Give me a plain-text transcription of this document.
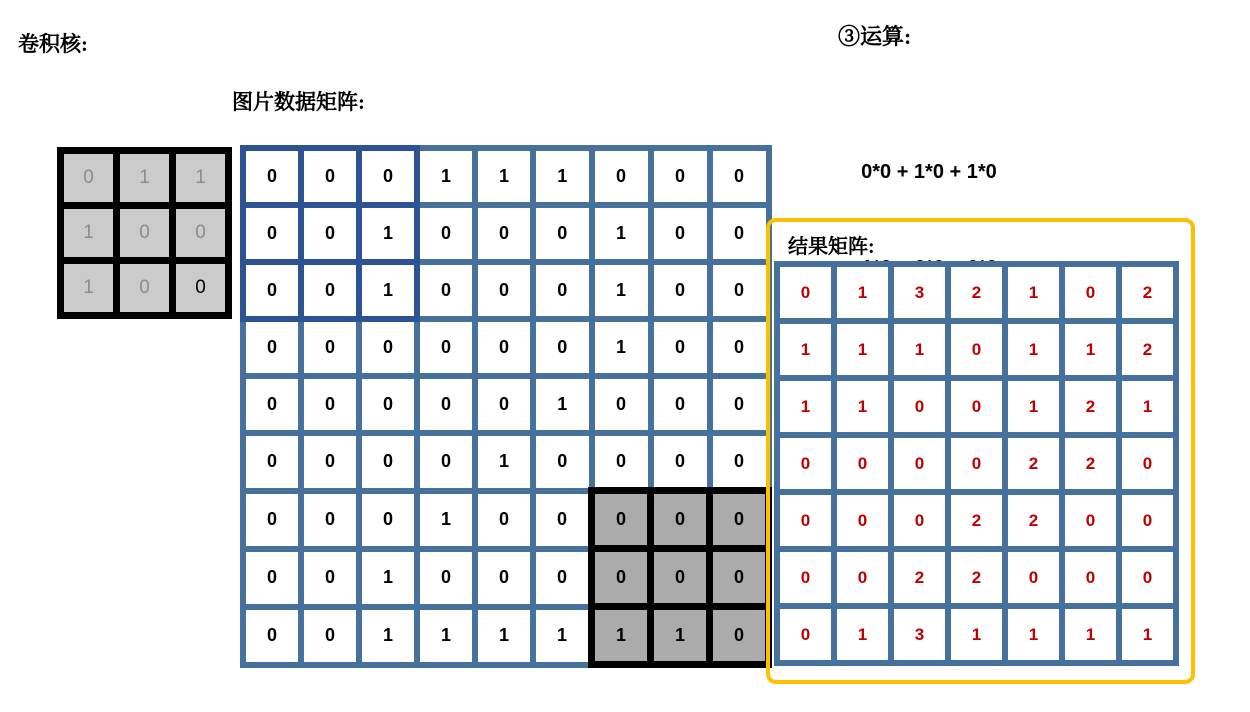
卷积核:
图片数据矩阵:
③运算:

0*0 + 1*0 + 1*0

0	1	1
1	0	0
1	0	0
0	0	0	1	1	1	0	0	0
0	0	1	0	0	0	1	0	0
0	0	1	0	0	0	1	0	0
0	0	0	0	0	0	1	0	0
0	0	0	0	0	1	0	0	0
0	0	0	0	1	0	0	0	0
0	0	0	1	0	0	0	0	0
0	0	1	0	0	0	0	0	0
0	0	1	1	1	1	1	1	0
结果矩阵:
0	1	3	2	1	0	2
1	1	1	0	1	1	2
1	1	0	0	1	2	1
0	0	0	0	2	2	0
0	0	0	2	2	0	0
0	0	2	2	0	0	0
0	1	3	1	1	1	1
